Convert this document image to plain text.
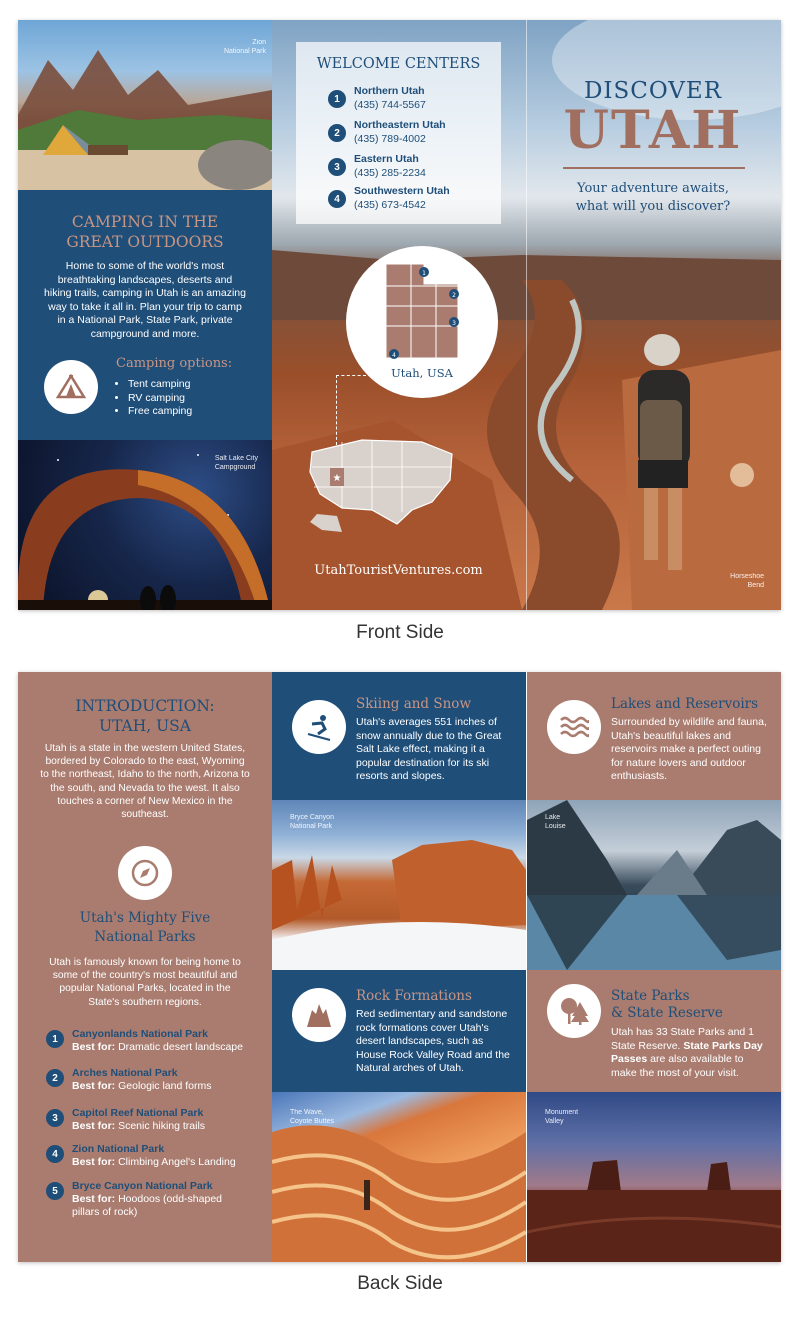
Zion
National Park
CAMPING IN THE
GREAT OUTDOORS
Home to some of the world's most breathtaking landscapes, deserts and hiking trails, camping in Utah is an amazing way to take it all in. Plan your trip to camp in a National Park, State Park, private campground and more.
Camping options:
• Tent camping
• RV camping
• Free camping
Salt Lake City
Campground
WELCOME CENTERS
1
Northern Utah
(435) 744-5567
2
Northeastern Utah
(435) 789-4002
3
Eastern Utah
(435) 285-2234
4
Southwestern Utah
(435) 673-4542
1
2
3
4
Utah, USA
★
UtahTouristVentures.com
DISCOVER
UTAH
Your adventure awaits,
what will you discover?
Horseshoe
Bend
Front Side
INTRODUCTION:
UTAH, USA
Utah is a state in the western United States, bordered by Colorado to the east, Wyoming to the northeast, Idaho to the north, Arizona to the south, and Nevada to the west. It also touches a corner of New Mexico in the southeast.
Utah's Mighty Five
National Parks
Utah is famously known for being home to some of the country's most beautiful and popular National Parks, located in the State's southern regions.
1	Canyonlands National Park
Best for: Dramatic desert landscape
2	Arches National Park
Best for: Geologic land forms
3	Capitol Reef National Park
Best for: Scenic hiking trails
4	Zion National Park
Best for: Climbing Angel's Landing
5	Bryce Canyon National Park
Best for: Hoodoos (odd-shaped
pillars of rock)
Skiing and Snow
Utah's averages 551 inches of snow annually due to the Great Salt Lake effect, making it a popular destination for its ski resorts and slopes.
Bryce Canyon
National Park
Rock Formations
Red sedimentary and sandstone rock formations cover Utah's desert landscapes, such as House Rock Valley Road and the Natural arches of Utah.
The Wave,
Coyote Buttes
Lakes and Reservoirs
Surrounded by wildlife and fauna, Utah's beautiful lakes and reservoirs make a perfect outing for nature lovers and outdoor enthusiasts.
Lake
Louise
State Parks
& State Reserve
Utah has 33 State Parks and 1 State Reserve. State Parks Day Passes are also available to make the most of your visit.
Monument
Valley
Back Side
